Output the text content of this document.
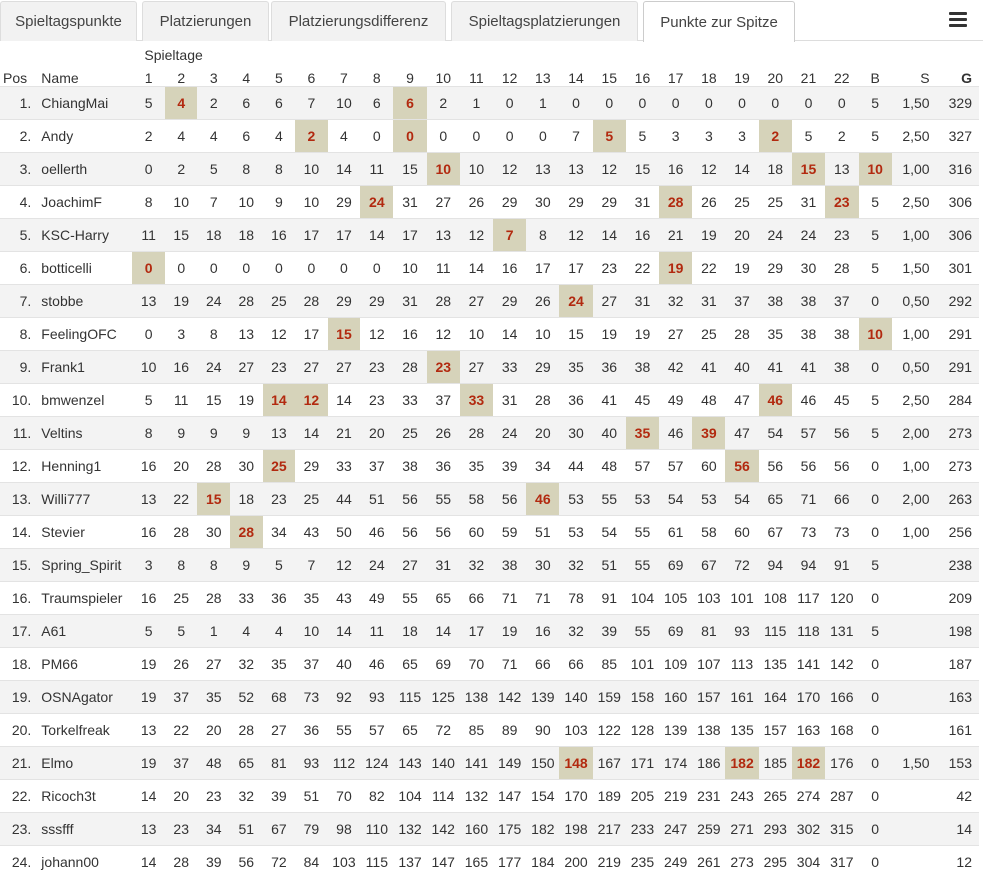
Spieltagspunkte	Platzierungen	Platzierungsdifferenz	Spieltagsplatzierungen	Punkte zur Spitze
		Spieltage																								
Pos	Name	1	2	3	4	5	6	7	8	9	10	11	12	13	14	15	16	17	18	19	20	21	22	B	S	G
1.	ChiangMai	5	4	2	6	6	7	10	6	6	2	1	0	1	0	0	0	0	0	0	0	0	0	5	1,50	329
2.	Andy	2	4	4	6	4	2	4	0	0	0	0	0	0	7	5	5	3	3	3	2	5	2	5	2,50	327
3.	oellerth	0	2	5	8	8	10	14	11	15	10	10	12	13	13	12	15	16	12	14	18	15	13	10	1,00	316
4.	JoachimF	8	10	7	10	9	10	29	24	31	27	26	29	30	29	29	31	28	26	25	25	31	23	5	2,50	306
5.	KSC-Harry	11	15	18	18	16	17	17	14	17	13	12	7	8	12	14	16	21	19	20	24	24	23	5	1,00	306
6.	botticelli	0	0	0	0	0	0	0	0	10	11	14	16	17	17	23	22	19	22	19	29	30	28	5	1,50	301
7.	stobbe	13	19	24	28	25	28	29	29	31	28	27	29	26	24	27	31	32	31	37	38	38	37	0	0,50	292
8.	FeelingOFC	0	3	8	13	12	17	15	12	16	12	10	14	10	15	19	19	27	25	28	35	38	38	10	1,00	291
9.	Frank1	10	16	24	27	23	27	27	23	28	23	27	33	29	35	36	38	42	41	40	41	41	38	0	0,50	291
10.	bmwenzel	5	11	15	19	14	12	14	23	33	37	33	31	28	36	41	45	49	48	47	46	46	45	5	2,50	284
11.	Veltins	8	9	9	9	13	14	21	20	25	26	28	24	20	30	40	35	46	39	47	54	57	56	5	2,00	273
12.	Henning1	16	20	28	30	25	29	33	37	38	36	35	39	34	44	48	57	57	60	56	56	56	56	0	1,00	273
13.	Willi777	13	22	15	18	23	25	44	51	56	55	58	56	46	53	55	53	54	53	54	65	71	66	0	2,00	263
14.	Stevier	16	28	30	28	34	43	50	46	56	56	60	59	51	53	54	55	61	58	60	67	73	73	0	1,00	256
15.	Spring_Spirit	3	8	8	9	5	7	12	24	27	31	32	38	30	32	51	55	69	67	72	94	94	91	5		238
16.	Traumspieler	16	25	28	33	36	35	43	49	55	65	66	71	71	78	91	104	105	103	101	108	117	120	0		209
17.	A61	5	5	1	4	4	10	14	11	18	14	17	19	16	32	39	55	69	81	93	115	118	131	5		198
18.	PM66	19	26	27	32	35	37	40	46	65	69	70	71	66	66	85	101	109	107	113	135	141	142	0		187
19.	OSNAgator	19	37	35	52	68	73	92	93	115	125	138	142	139	140	159	158	160	157	161	164	170	166	0		163
20.	Torkelfreak	13	22	20	28	27	36	55	57	65	72	85	89	90	103	122	128	139	138	135	157	163	168	0		161
21.	Elmo	19	37	48	65	81	93	112	124	143	140	141	149	150	148	167	171	174	186	182	185	182	176	0	1,50	153
22.	Ricoch3t	14	20	23	32	39	51	70	82	104	114	132	147	154	170	189	205	219	231	243	265	274	287	0		42
23.	sssfff	13	23	34	51	67	79	98	110	132	142	160	175	182	198	217	233	247	259	271	293	302	315	0		14
24.	johann00	14	28	39	56	72	84	103	115	137	147	165	177	184	200	219	235	249	261	273	295	304	317	0		12
